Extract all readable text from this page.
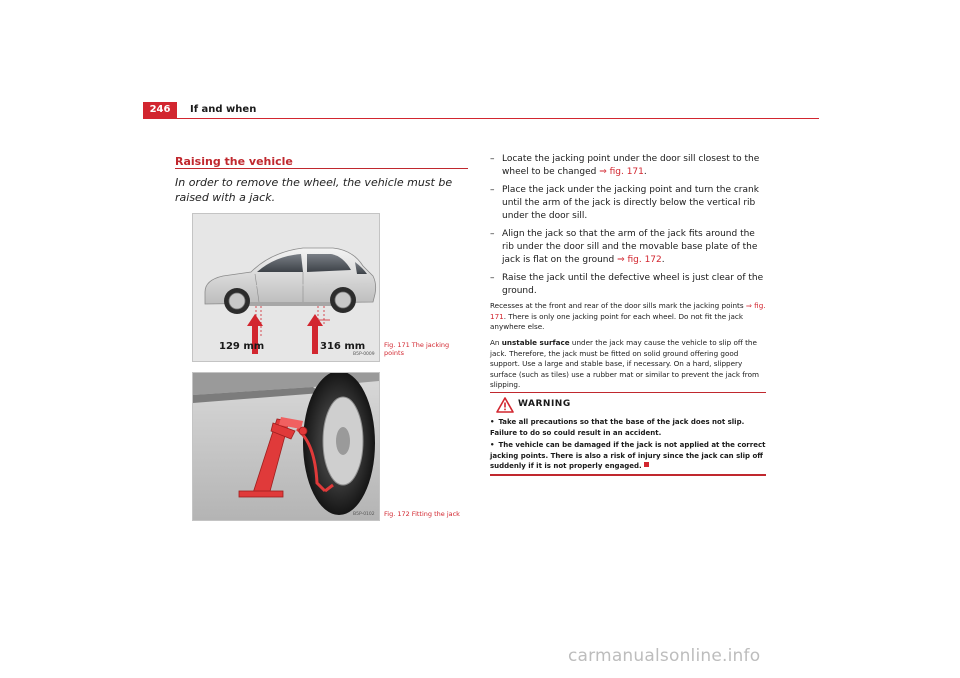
246	If and when
Raising the vehicle
In order to remove the wheel, the vehicle must be raised with a jack.
129 mm	316 mm
B5P-0009
Fig. 171 The jacking points
B5P-0102 Fig. 172 Fitting the jack
– Locate the jacking point under the door sill closest to the wheel to be changed ⇒ fig. 171.
– Place the jack under the jacking point and turn the crank until the arm of the jack is directly below the vertical rib under the door sill.
– Align the jack so that the arm of the jack fits around the rib under the door sill and the movable base plate of the jack is flat on the ground ⇒ fig. 172.
– Raise the jack until the defective wheel is just clear of the ground.
Recesses at the front and rear of the door sills mark the jacking points ⇒ fig. 171. There is only one jacking point for each wheel. Do not fit the jack anywhere else.
An unstable surface under the jack may cause the vehicle to slip off the jack. Therefore, the jack must be fitted on solid ground offering good support. Use a large and stable base, if necessary. On a hard, slippery surface (such as tiles) use a rubber mat or similar to prevent the jack from slipping.
WARNING
• Take all precautions so that the base of the jack does not slip. Failure to do so could result in an accident.
• The vehicle can be damaged if the jack is not applied at the correct jacking points. There is also a risk of injury since the jack can slip off suddenly if it is not properly engaged.
carmanualsonline.info
